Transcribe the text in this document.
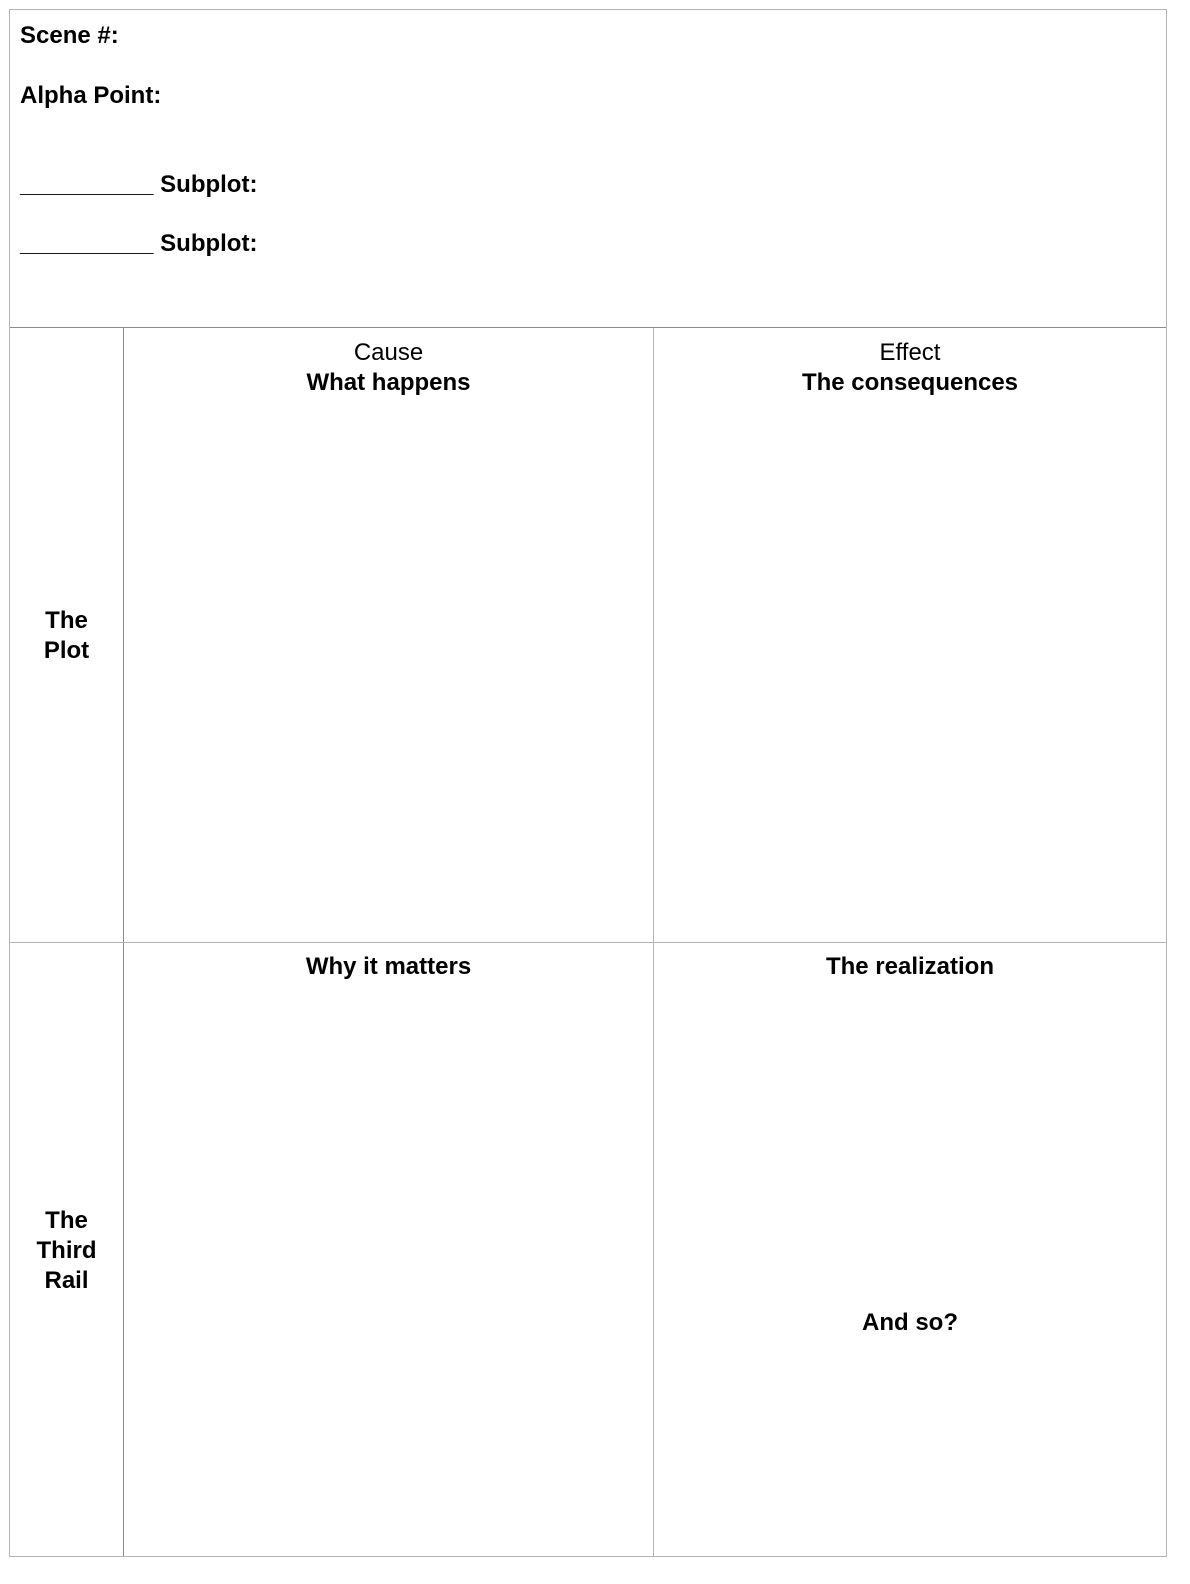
Scene #:
Alpha Point:
__________ Subplot:
__________ Subplot:
The
Plot
The
Third
Rail
Cause
What happens
Effect
The consequences
Why it matters	The realization
And so?
